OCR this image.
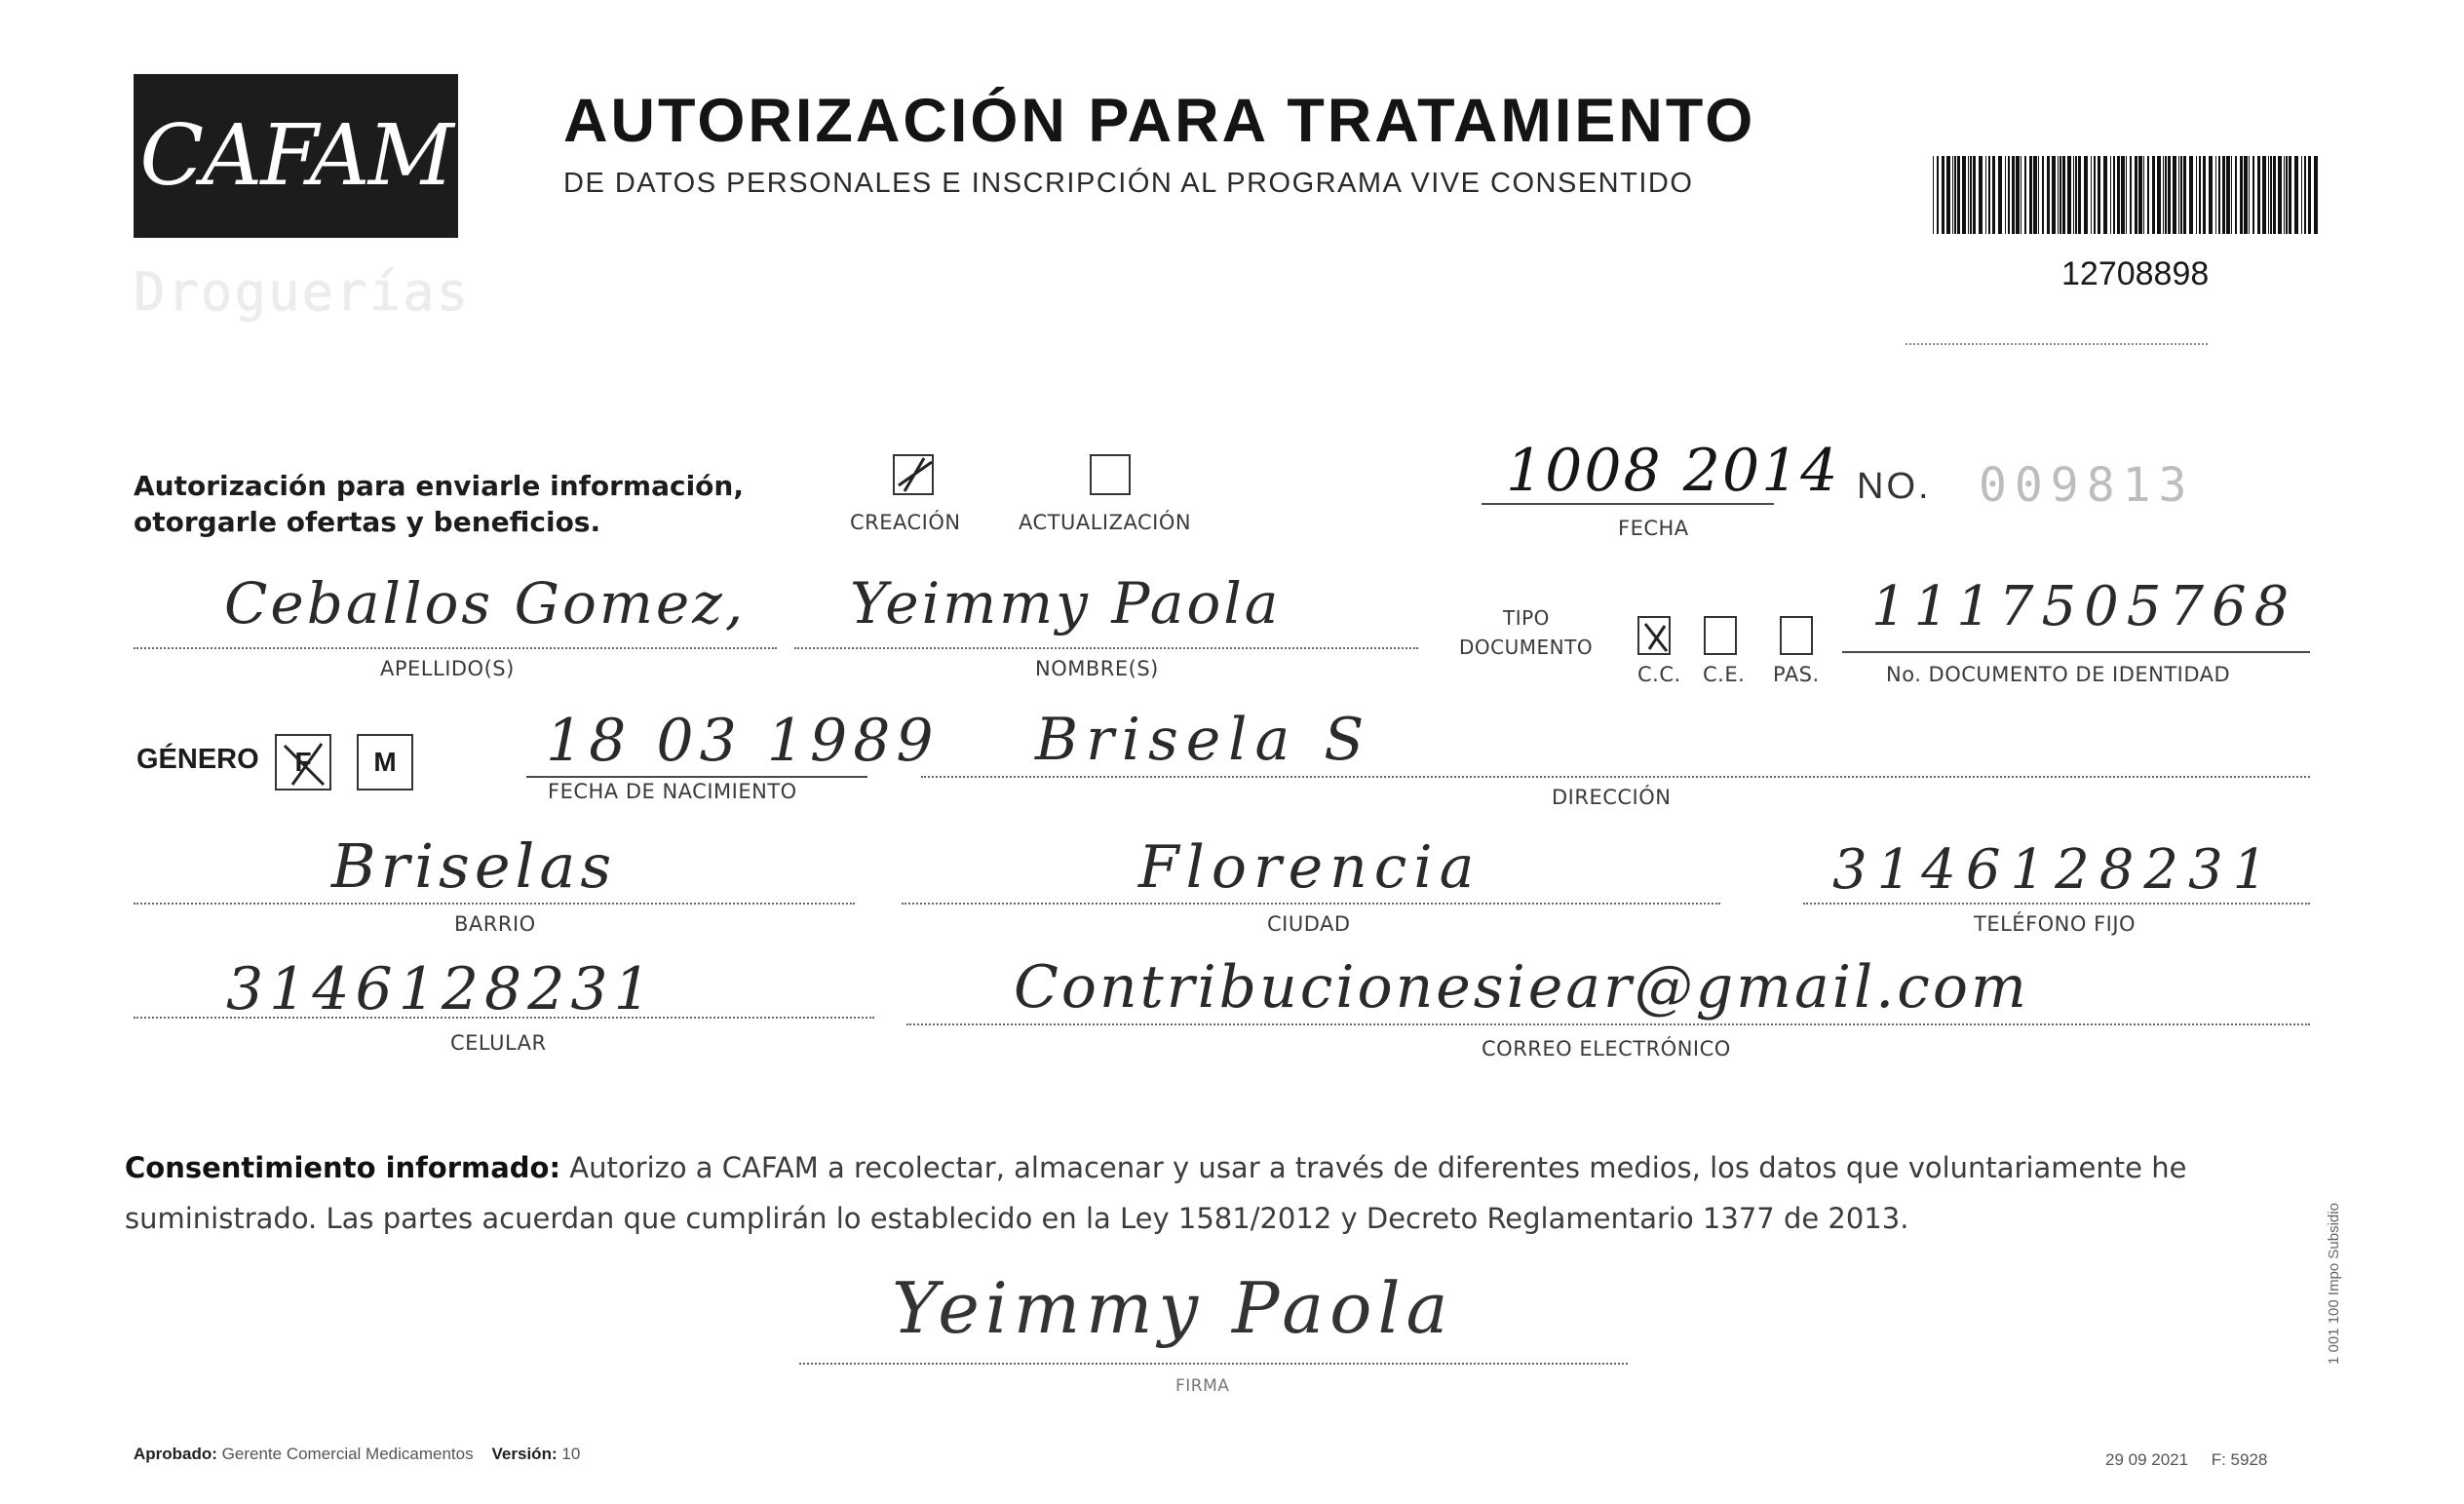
CAFAM
Droguerías
AUTORIZACIÓN PARA TRATAMIENTO
DE DATOS PERSONALES E INSCRIPCIÓN AL PROGRAMA VIVE CONSENTIDO
12708898
Autorización para enviarle información,
otorgarle ofertas y beneficios.	CREACIÓN	ACTUALIZACIÓN
1008 2014
FECHA
NO. 009813
Ceballos Gomez,
APELLIDO(S)
Yeimmy Paola
NOMBRE(S)
TIPO
DOCUMENTO
C.C. C.E. PAS.
1117505768
No. DOCUMENTO DE IDENTIDAD
GÉNERO F M	18 03 1989
FECHA DE NACIMIENTO
Brisela S
DIRECCIÓN
Briselas
BARRIO
Florencia
CIUDAD
3146128231
TELÉFONO FIJO
3146128231
CELULAR
Contribucionesiear@gmail.com
CORREO ELECTRÓNICO
Consentimiento informado: Autorizo a CAFAM a recolectar, almacenar y usar a través de diferentes medios, los datos que voluntariamente he suministrado. Las partes acuerdan que cumplirán lo establecido en la Ley 1581/2012 y Decreto Reglamentario 1377 de 2013.
Yeimmy Paola
FIRMA
Aprobado: Gerente Comercial Medicamentos Versión: 10	29 09 2021 F: 5928
1 001 100 Impo Subsidio
